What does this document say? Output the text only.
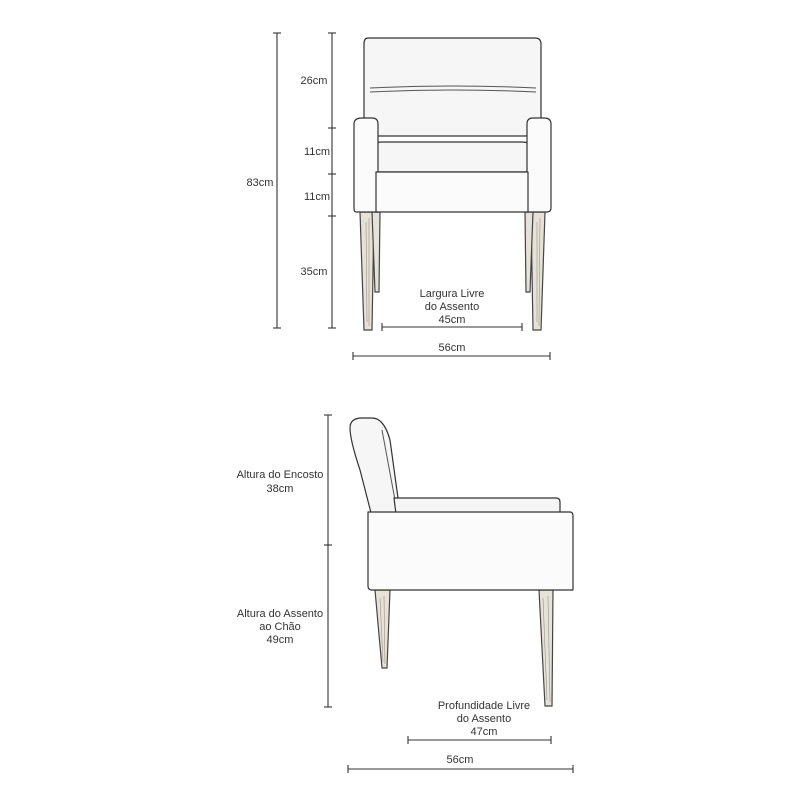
83cm
26cm
11cm
11cm
35cm
Largura Livre
do Assento
45cm
56cm
Altura do Encosto
38cm
Altura do Assento
ao Chão
49cm
Profundidade Livre
do Assento
47cm
56cm
